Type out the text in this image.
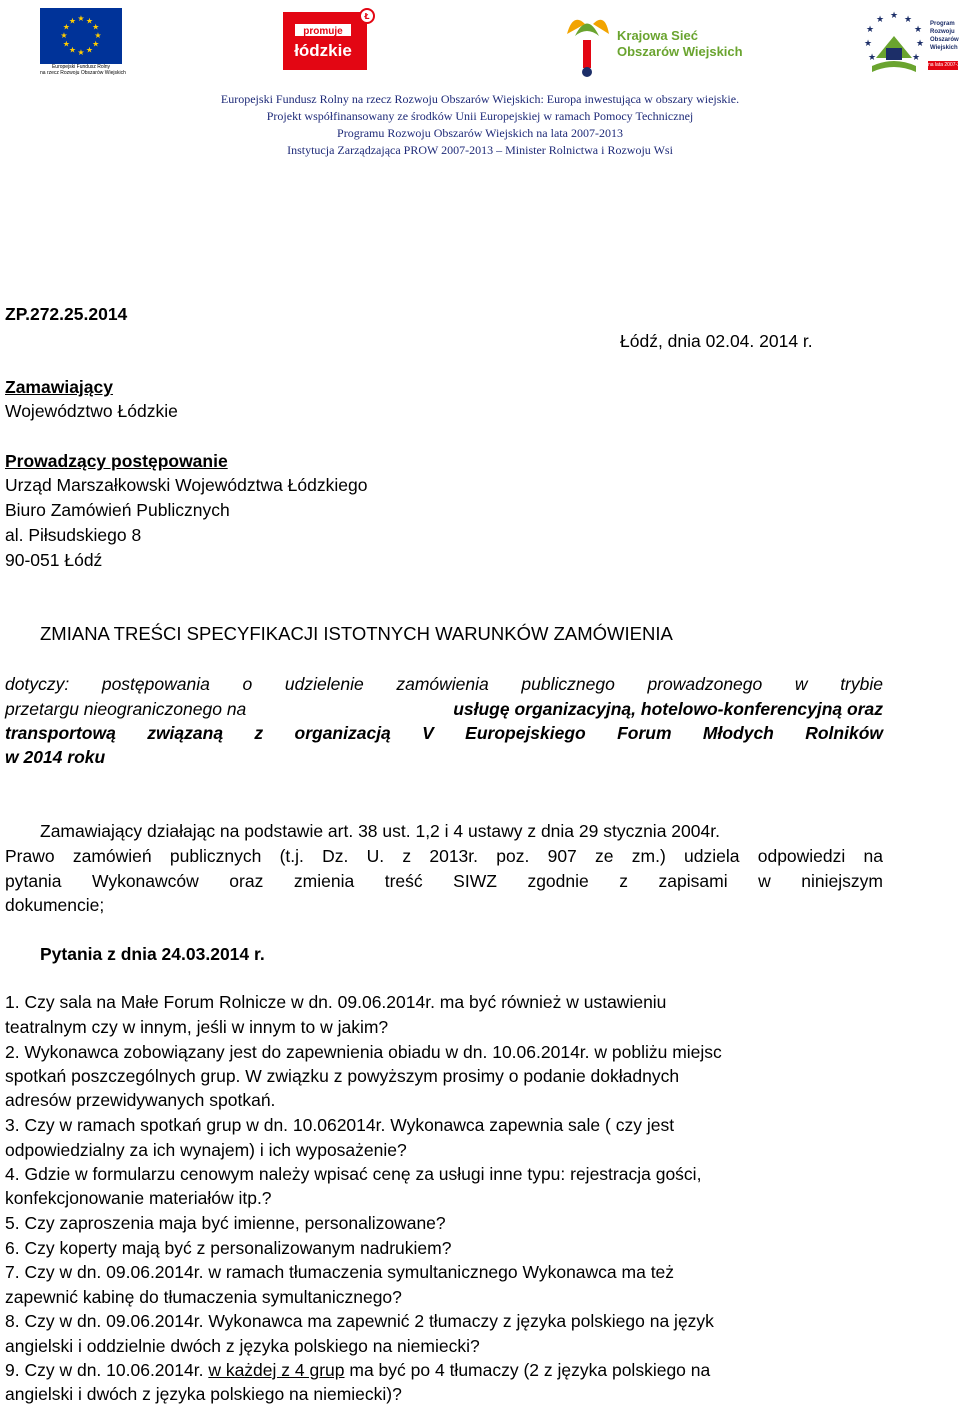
★ ★
★
★
★
★
★
★
★
★
★
★
Europejski Fundusz Rolny
na rzecz Rozwoju Obszarów Wiejskich
Ł
promuje
łódzkie
Krajowa Sieć
Obszarów Wiejskich
★ ★
★
★
★
★
★
★
★	Program
Rozwoju
Obszarów
Wiejskich
na lata 2007-2013
Europejski Fundusz Rolny na rzecz Rozwoju Obszarów Wiejskich: Europa inwestująca w obszary wiejskie.
Projekt współfinansowany ze środków Unii Europejskiej w ramach Pomocy Technicznej
Programu Rozwoju Obszarów Wiejskich na lata 2007-2013
Instytucja Zarządzająca PROW 2007-2013 – Minister Rolnictwa i Rozwoju Wsi
ZP.272.25.2014
Łódź, dnia 02.04. 2014 r.
Zamawiający
Województwo Łódzkie
Prowadzący postępowanie
Urząd Marszałkowski Województwa Łódzkiego
Biuro Zamówień Publicznych
al. Piłsudskiego 8
90-051 Łódź
ZMIANA TREŚCI SPECYFIKACJI ISTOTNYCH WARUNKÓW ZAMÓWIENIA
dotyczy: postępowania o udzielenie zamówienia publicznego prowadzonego w trybie
przetargu nieograniczonego na	usługę organizacyjną, hotelowo-konferencyjną oraz
transportową związaną z organizacją V Europejskiego Forum Młodych Rolników
w 2014 roku
Zamawiający działając na podstawie art. 38 ust. 1,2 i 4 ustawy z dnia 29 stycznia 2004r.
Prawo zamówień publicznych (t.j. Dz. U. z 2013r. poz. 907 ze zm.) udziela odpowiedzi na
pytania Wykonawców oraz zmienia treść SIWZ zgodnie z zapisami w niniejszym
dokumencie;
Pytania z dnia 24.03.2014 r.
1. Czy sala na Małe Forum Rolnicze w dn. 09.06.2014r. ma być również w ustawieniu
teatralnym czy w innym, jeśli w innym to w jakim?
2. Wykonawca zobowiązany jest do zapewnienia obiadu w dn. 10.06.2014r. w pobliżu miejsc
spotkań poszczególnych grup. W związku z powyższym prosimy o podanie dokładnych
adresów przewidywanych spotkań.
3. Czy w ramach spotkań grup w dn. 10.062014r. Wykonawca zapewnia sale ( czy jest
odpowiedzialny za ich wynajem) i ich wyposażenie?
4. Gdzie w formularzu cenowym należy wpisać cenę za usługi inne typu: rejestracja gości,
konfekcjonowanie materiałów itp.?
5. Czy zaproszenia maja być imienne, personalizowane?
6. Czy koperty mają być z personalizowanym nadrukiem?
7. Czy w dn. 09.06.2014r. w ramach tłumaczenia symultanicznego Wykonawca ma też
zapewnić kabinę do tłumaczenia symultanicznego?
8. Czy w dn. 09.06.2014r. Wykonawca ma zapewnić 2 tłumaczy z języka polskiego na język
angielski i oddzielnie dwóch z języka polskiego na niemiecki?
9. Czy w dn. 10.06.2014r. w każdej z 4 grup ma być po 4 tłumaczy (2 z języka polskiego na
angielski i dwóch z języka polskiego na niemiecki)?
